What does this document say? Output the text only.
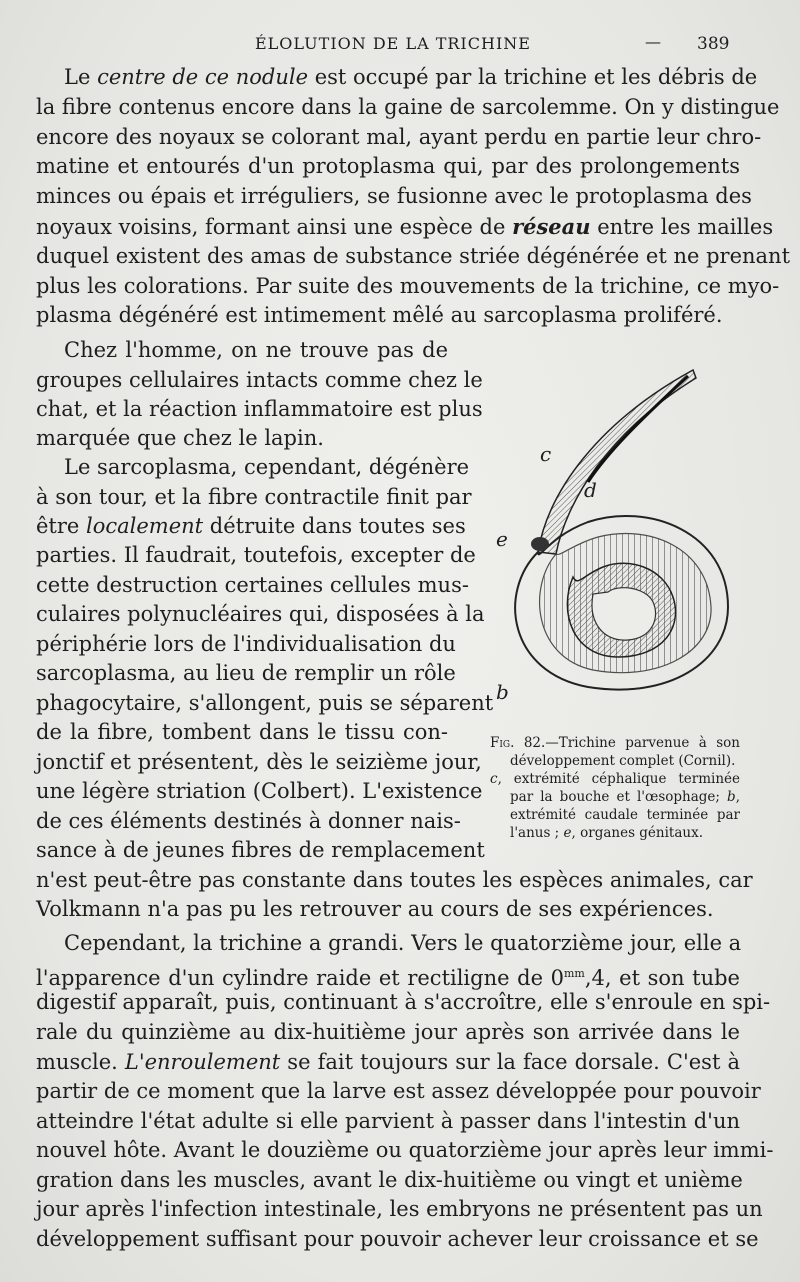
ÉLOLUTION DE LA TRICHINE	— 389
Le centre de ce nodule est occupé par la trichine et les débris de
la fibre contenus encore dans la gaine de sarcolemme. On y distingue
encore des noyaux se colorant mal, ayant perdu en partie leur chro-
matine et entourés d'un protoplasma qui, par des prolongements
minces ou épais et irréguliers, se fusionne avec le protoplasma des
noyaux voisins, formant ainsi une espèce de réseau entre les mailles
duquel existent des amas de substance striée dégénérée et ne prenant
plus les colorations. Par suite des mouvements de la trichine, ce myo-
plasma dégénéré est intimement mêlé au sarcoplasma proliféré.
Chez l'homme, on ne trouve pas de
groupes cellulaires intacts comme chez le
chat, et la réaction inflammatoire est plus
marquée que chez le lapin.
Le sarcoplasma, cependant, dégénère
à son tour, et la fibre contractile finit par
être localement détruite dans toutes ses
parties. Il faudrait, toutefois, excepter de
cette destruction certaines cellules mus-
culaires polynucléaires qui, disposées à la
périphérie lors de l'individualisation du
sarcoplasma, au lieu de remplir un rôle
phagocytaire, s'allongent, puis se séparent
de la fibre, tombent dans le tissu con-
jonctif et présentent, dès le seizième jour,
une légère striation (Colbert). L'existence
de ces éléments destinés à donner nais-
sance à de jeunes fibres de remplacement
n'est peut-être pas constante dans toutes les espèces animales, car
Volkmann n'a pas pu les retrouver au cours de ses expériences.
Cependant, la trichine a grandi. Vers le quatorzième jour, elle a
l'apparence d'un cylindre raide et rectiligne de $0^{mm},4$, et son tube
digestif apparaît, puis, continuant à s'accroître, elle s'enroule en spi-
rale du quinzième au dix-huitième jour après son arrivée dans le
muscle. L'enroulement se fait toujours sur la face dorsale. C'est à
partir de ce moment que la larve est assez développée pour pouvoir
atteindre l'état adulte si elle parvient à passer dans l'intestin d'un
nouvel hôte. Avant le douzième ou quatorzième jour après leur immi-
gration dans les muscles, avant le dix-huitième ou vingt et unième
jour après l'infection intestinale, les embryons ne présentent pas un
développement suffisant pour pouvoir achever leur croissance et se
c
d
e
b
Fig. 82.—Trichine parvenue à son
développement complet (Cornil).
c, extrémité céphalique terminée
par la bouche et l'œsophage; b,
extrémité caudale terminée par
l'anus ; e, organes génitaux.
